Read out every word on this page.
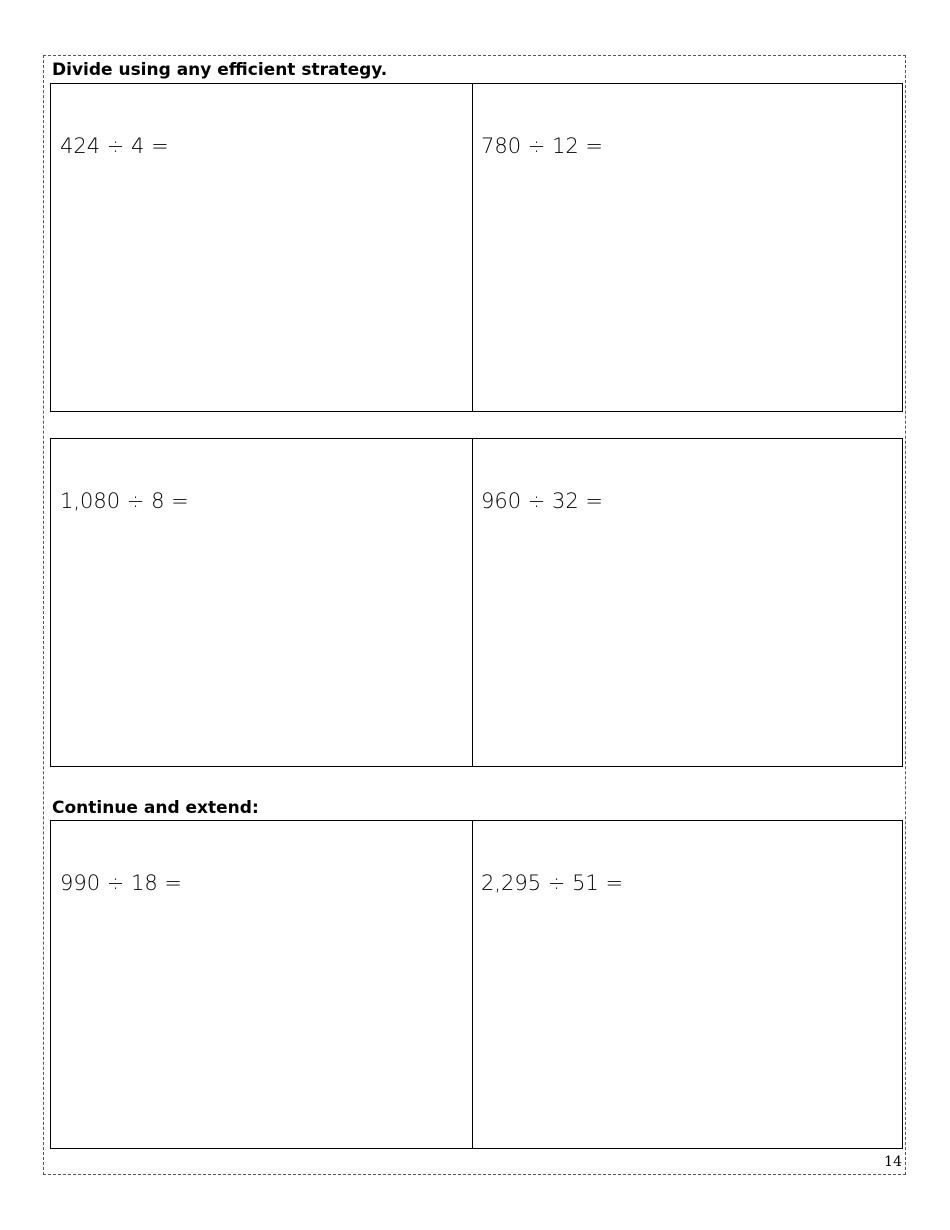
Divide using any efficient strategy.
424 ÷ 4 =	780 ÷ 12 =
1,080 ÷ 8 =	960 ÷ 32 =
Continue and extend:
990 ÷ 18 =	2,295 ÷ 51 =
14
